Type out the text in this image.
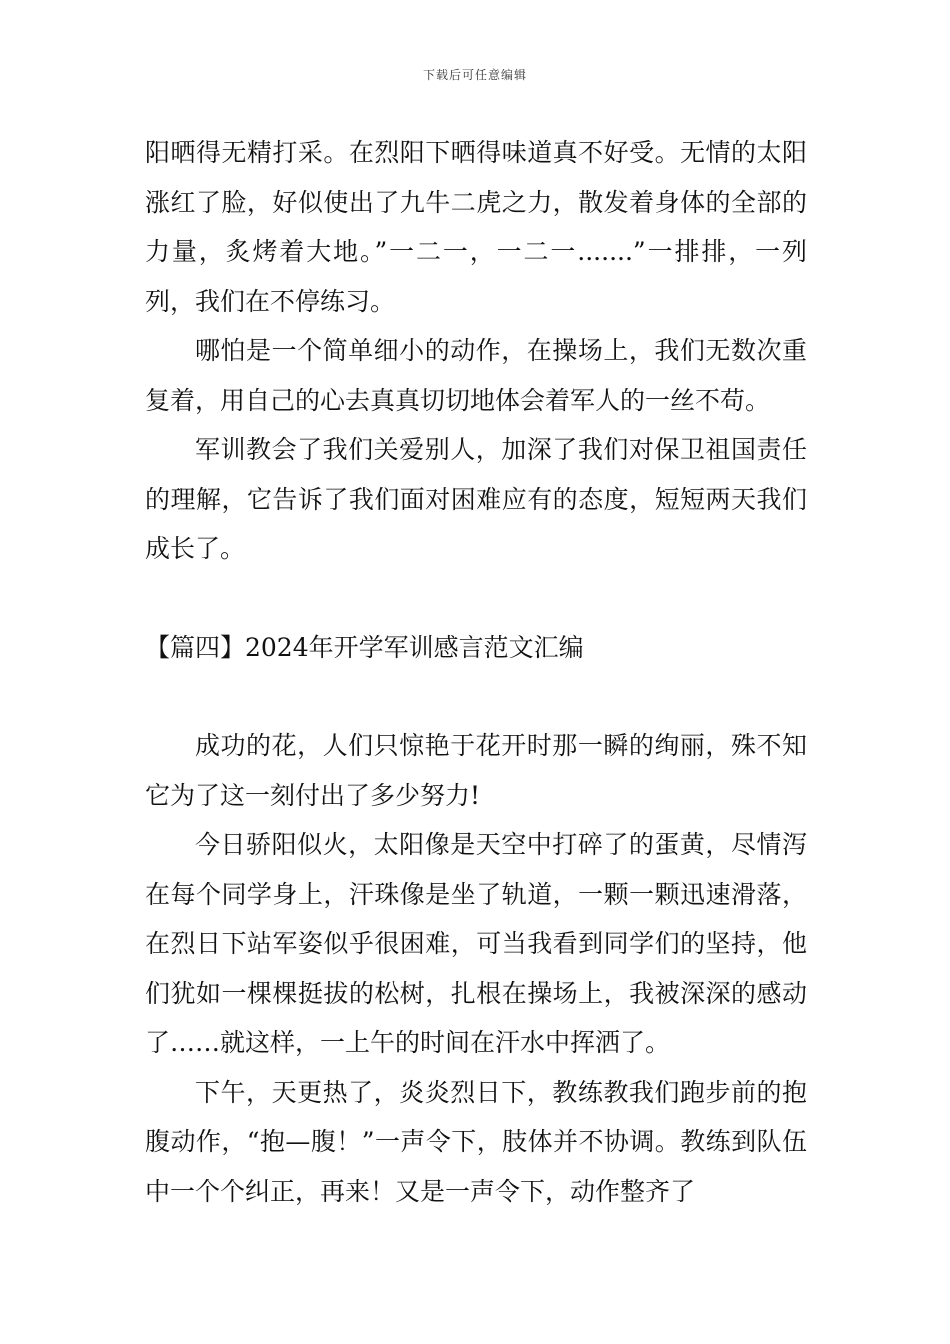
下载后可任意编辑

阳晒得无精打采。在烈阳下晒得味道真不好受。无情的太阳涨红了脸，好似使出了九牛二虎之力，散发着身体的全部的力量，炙烤着大地。”一二一，一二一.......”一排排，一列列，我们在不停练习。

哪怕是一个简单细小的动作，在操场上，我们无数次重复着，用自己的心去真真切切地体会着军人的一丝不苟。

军训教会了我们关爱别人，加深了我们对保卫祖国责任的理解，它告诉了我们面对困难应有的态度，短短两天我们成长了。

【篇四】2024年开学军训感言范文汇编

成功的花，人们只惊艳于花开时那一瞬的绚丽，殊不知它为了这一刻付出了多少努力!

今日骄阳似火，太阳像是天空中打碎了的蛋黄，尽情泻在每个同学身上，汗珠像是坐了轨道，一颗一颗迅速滑落，在烈日下站军姿似乎很困难，可当我看到同学们的坚持，他们犹如一棵棵挺拔的松树，扎根在操场上，我被深深的感动了……就这样，一上午的时间在汗水中挥洒了。

下午，天更热了，炎炎烈日下，教练教我们跑步前的抱腹动作，“抱—腹！”一声令下，肢体并不协调。教练到队伍中一个个纠正，再来！又是一声令下，动作整齐了
